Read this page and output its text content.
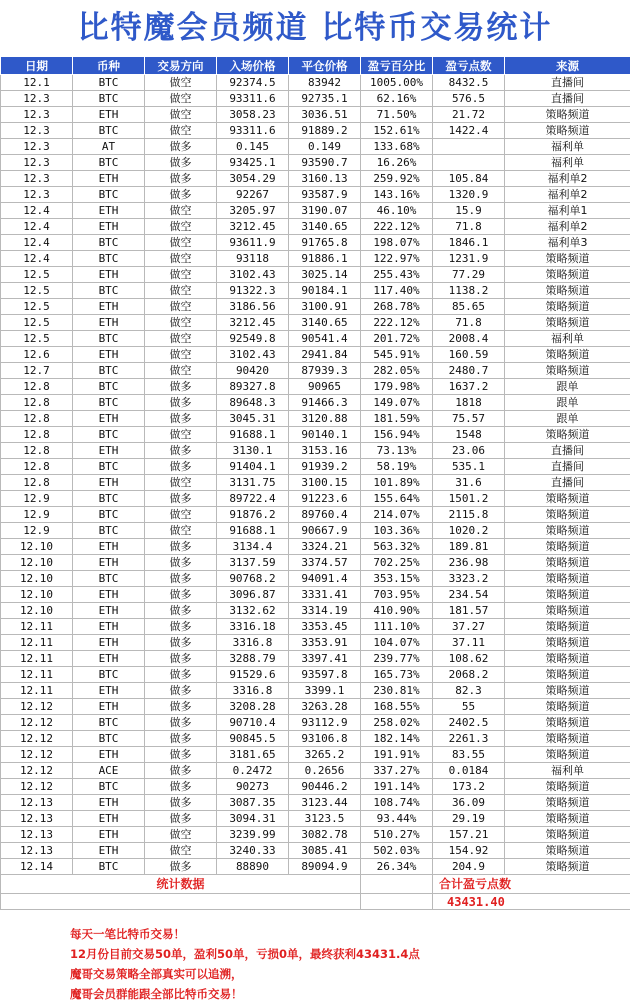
比特魔会员频道 比特币交易统计
日期	币种	交易方向	入场价格	平仓价格	盈亏百分比	盈亏点数	来源
12.1	BTC	做空	92374.5	83942	1005.00%	8432.5	直播间
12.3	BTC	做空	93311.6	92735.1	62.16%	576.5	直播间
12.3	ETH	做空	3058.23	3036.51	71.50%	21.72	策略频道
12.3	BTC	做空	93311.6	91889.2	152.61%	1422.4	策略频道
12.3	AT	做多	0.145	0.149	133.68%		福利单
12.3	BTC	做多	93425.1	93590.7	16.26%		福利单
12.3	ETH	做多	3054.29	3160.13	259.92%	105.84	福利单2
12.3	BTC	做多	92267	93587.9	143.16%	1320.9	福利单2
12.4	ETH	做空	3205.97	3190.07	46.10%	15.9	福利单1
12.4	ETH	做空	3212.45	3140.65	222.12%	71.8	福利单2
12.4	BTC	做空	93611.9	91765.8	198.07%	1846.1	福利单3
12.4	BTC	做空	93118	91886.1	122.97%	1231.9	策略频道
12.5	ETH	做空	3102.43	3025.14	255.43%	77.29	策略频道
12.5	BTC	做空	91322.3	90184.1	117.40%	1138.2	策略频道
12.5	ETH	做空	3186.56	3100.91	268.78%	85.65	策略频道
12.5	ETH	做空	3212.45	3140.65	222.12%	71.8	策略频道
12.5	BTC	做空	92549.8	90541.4	201.72%	2008.4	福利单
12.6	ETH	做空	3102.43	2941.84	545.91%	160.59	策略频道
12.7	BTC	做空	90420	87939.3	282.05%	2480.7	策略频道
12.8	BTC	做多	89327.8	90965	179.98%	1637.2	跟单
12.8	BTC	做多	89648.3	91466.3	149.07%	1818	跟单
12.8	ETH	做多	3045.31	3120.88	181.59%	75.57	跟单
12.8	BTC	做空	91688.1	90140.1	156.94%	1548	策略频道
12.8	ETH	做多	3130.1	3153.16	73.13%	23.06	直播间
12.8	BTC	做多	91404.1	91939.2	58.19%	535.1	直播间
12.8	ETH	做空	3131.75	3100.15	101.89%	31.6	直播间
12.9	BTC	做多	89722.4	91223.6	155.64%	1501.2	策略频道
12.9	BTC	做空	91876.2	89760.4	214.07%	2115.8	策略频道
12.9	BTC	做空	91688.1	90667.9	103.36%	1020.2	策略频道
12.10	ETH	做多	3134.4	3324.21	563.32%	189.81	策略频道
12.10	ETH	做多	3137.59	3374.57	702.25%	236.98	策略频道
12.10	BTC	做多	90768.2	94091.4	353.15%	3323.2	策略频道
12.10	ETH	做多	3096.87	3331.41	703.95%	234.54	策略频道
12.10	ETH	做多	3132.62	3314.19	410.90%	181.57	策略频道
12.11	ETH	做多	3316.18	3353.45	111.10%	37.27	策略频道
12.11	ETH	做多	3316.8	3353.91	104.07%	37.11	策略频道
12.11	ETH	做多	3288.79	3397.41	239.77%	108.62	策略频道
12.11	BTC	做多	91529.6	93597.8	165.73%	2068.2	策略频道
12.11	ETH	做多	3316.8	3399.1	230.81%	82.3	策略频道
12.12	ETH	做多	3208.28	3263.28	168.55%	55	策略频道
12.12	BTC	做多	90710.4	93112.9	258.02%	2402.5	策略频道
12.12	BTC	做多	90845.5	93106.8	182.14%	2261.3	策略频道
12.12	ETH	做多	3181.65	3265.2	191.91%	83.55	策略频道
12.12	ACE	做多	0.2472	0.2656	337.27%	0.0184	福利单
12.12	BTC	做多	90273	90446.2	191.14%	173.2	策略频道
12.13	ETH	做多	3087.35	3123.44	108.74%	36.09	策略频道
12.13	ETH	做多	3094.31	3123.5	93.44%	29.19	策略频道
12.13	ETH	做空	3239.99	3082.78	510.27%	157.21	策略频道
12.13	ETH	做空	3240.33	3085.41	502.03%	154.92	策略频道
12.14	BTC	做多	88890	89094.9	26.34%	204.9	策略频道
统计数据						合计盈亏点数	
						43431.40	
每天一笔比特币交易！
12月份目前交易50单，盈利50单，亏损0单，最终获利43431.4点
魔哥交易策略全部真实可以追溯，
魔哥会员群能跟全部比特币交易！
